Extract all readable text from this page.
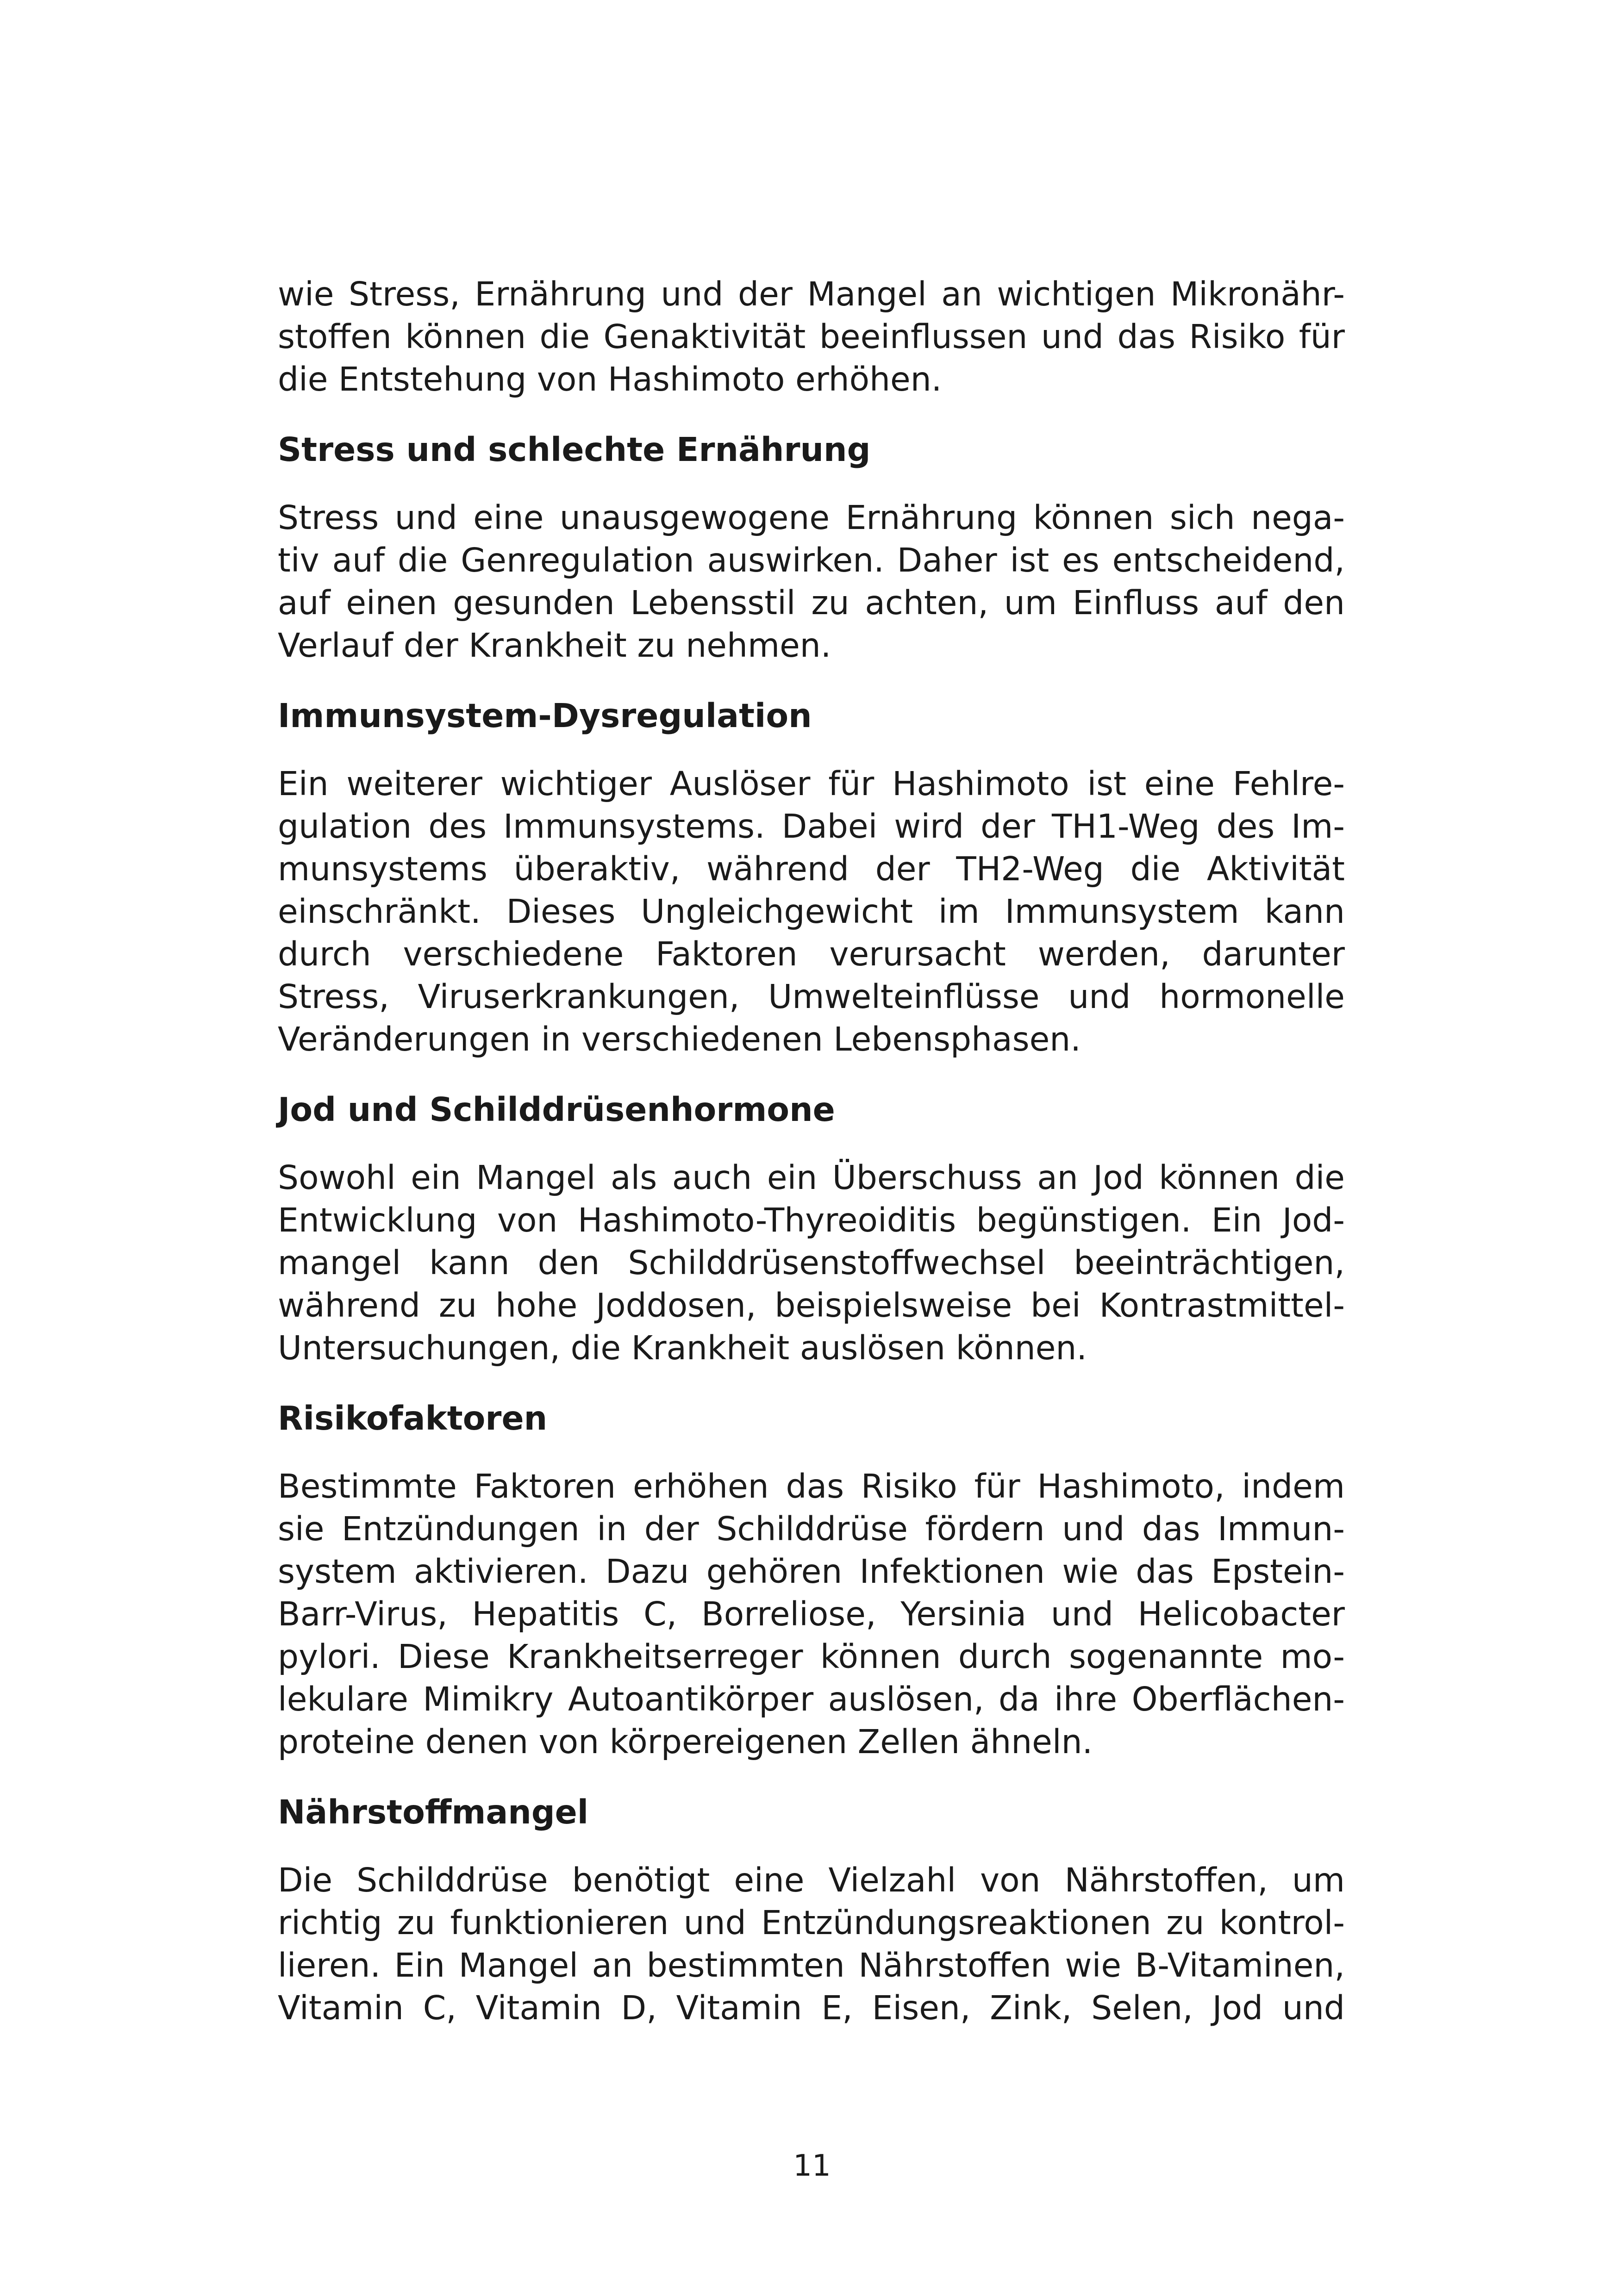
wie Stress, Ernährung und der Mangel an wichtigen Mikronähr-
stoffen können die Genaktivität beeinflussen und das Risiko für
die Entstehung von Hashimoto erhöhen.
Stress und schlechte Ernährung
Stress und eine unausgewogene Ernährung können sich nega-
tiv auf die Genregulation auswirken. Daher ist es entscheidend,
auf einen gesunden Lebensstil zu achten, um Einfluss auf den
Verlauf der Krankheit zu nehmen.
Immunsystem-Dysregulation
Ein weiterer wichtiger Auslöser für Hashimoto ist eine Fehlre-
gulation des Immunsystems. Dabei wird der TH1-Weg des Im-
munsystems überaktiv, während der TH2-Weg die Aktivität
einschränkt. Dieses Ungleichgewicht im Immunsystem kann
durch verschiedene Faktoren verursacht werden, darunter
Stress, Viruserkrankungen, Umwelteinflüsse und hormonelle
Veränderungen in verschiedenen Lebensphasen.
Jod und Schilddrüsenhormone
Sowohl ein Mangel als auch ein Überschuss an Jod können die
Entwicklung von Hashimoto-Thyreoiditis begünstigen. Ein Jod-
mangel kann den Schilddrüsenstoffwechsel beeinträchtigen,
während zu hohe Joddosen, beispielsweise bei Kontrastmittel-
Untersuchungen, die Krankheit auslösen können.
Risikofaktoren
Bestimmte Faktoren erhöhen das Risiko für Hashimoto, indem
sie Entzündungen in der Schilddrüse fördern und das Immun-
system aktivieren. Dazu gehören Infektionen wie das Epstein-
Barr-Virus, Hepatitis C, Borreliose, Yersinia und Helicobacter
pylori. Diese Krankheitserreger können durch sogenannte mo-
lekulare Mimikry Autoantikörper auslösen, da ihre Oberflächen-
proteine denen von körpereigenen Zellen ähneln.
Nährstoffmangel
Die Schilddrüse benötigt eine Vielzahl von Nährstoffen, um
richtig zu funktionieren und Entzündungsreaktionen zu kontrol-
lieren. Ein Mangel an bestimmten Nährstoffen wie B-Vitaminen,
Vitamin C, Vitamin D, Vitamin E, Eisen, Zink, Selen, Jod und
11
